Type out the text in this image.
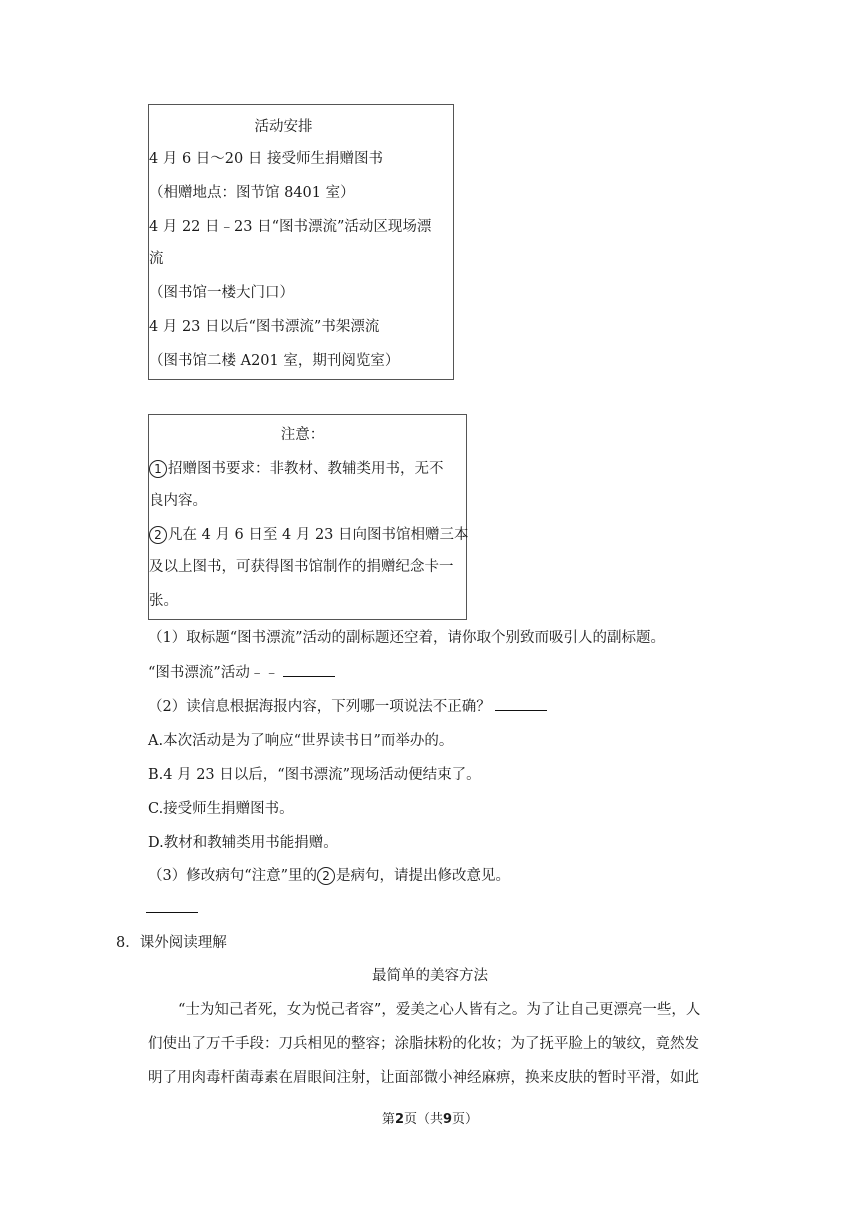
活动安排
4 月 6 日～20 日 接受师生捐赠图书
（相赠地点：图节馆 8401 室）
4 月 22 日﹣23 日“图书漂流”活动区现场漂
流
（图书馆一楼大门口）
4 月 23 日以后“图书漂流”书架漂流
（图书馆二楼 A201 室，期刊阅览室）
注意：
1 招赠图书要求：非教材、教辅类用书，无不
良内容。
2 凡在 4 月 6 日至 4 月 23 日向图书馆相赠三本
及以上图书，可获得图书馆制作的捐赠纪念卡一
张。
（1）取标题“图书漂流”活动的副标题还空着，请你取个别致而吸引人的副标题。
“图书漂流”活动﹣﹣
（2）读信息根据海报内容，下列哪一项说法不正确？
A.本次活动是为了响应“世界读书日”而举办的。
B.4 月 23 日以后，“图书漂流”现场活动便结束了。
C.接受师生捐赠图书。
D.教材和教辅类用书能捐赠。
（3）修改病句“注意”里的 2 是病句，请提出修改意见。
8．课外阅读理解
最简单的美容方法
“士为知己者死，女为悦己者容”，爱美之心人皆有之。为了让自己更漂亮一些，人
们使出了万千手段：刀兵相见的整容；涂脂抹粉的化妆；为了抚平脸上的皱纹，竟然发
明了用肉毒杆菌毒素在眉眼间注射，让面部微小神经麻痹，换来皮肤的暂时平滑，如此
第2页（共9页）
